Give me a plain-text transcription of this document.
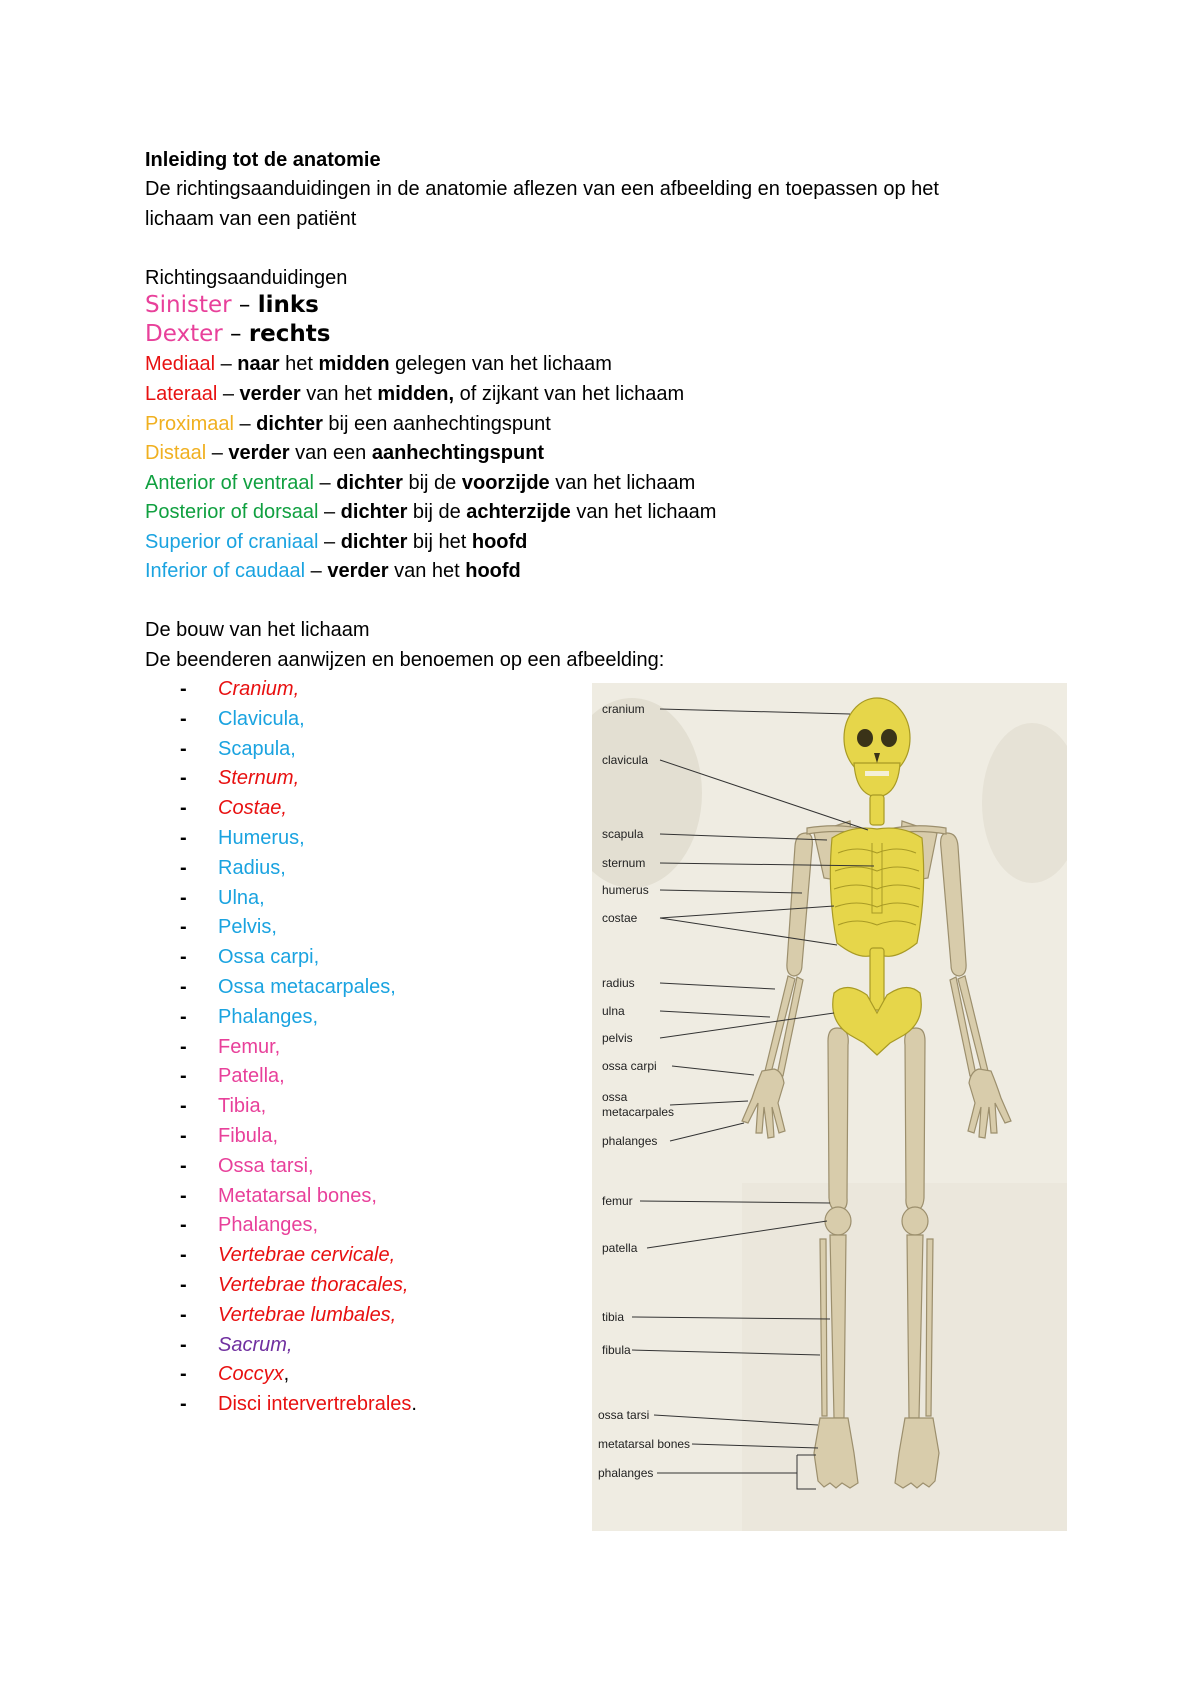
Inleiding tot de anatomie
De richtingsaanduidingen in de anatomie aflezen van een afbeelding en toepassen op het
lichaam van een patiënt
Richtingsaanduidingen
Sinister – links
Dexter – rechts
Mediaal – naar het midden gelegen van het lichaam
Lateraal – verder van het midden, of zijkant van het lichaam
Proximaal – dichter bij een aanhechtingspunt
Distaal – verder van een aanhechtingspunt
Anterior of ventraal – dichter bij de voorzijde van het lichaam
Posterior of dorsaal – dichter bij de achterzijde van het lichaam
Superior of craniaal – dichter bij het hoofd
Inferior of caudaal – verder van het hoofd
De bouw van het lichaam
De beenderen aanwijzen en benoemen op een afbeelding:
- Cranium,
- Clavicula,
- Scapula,
- Sternum,
- Costae,
- Humerus,
- Radius,
- Ulna,
- Pelvis,
- Ossa carpi,
- Ossa metacarpales,
- Phalanges,
- Femur,
- Patella,
- Tibia,
- Fibula,
- Ossa tarsi,
- Metatarsal bones,
- Phalanges,
- Vertebrae cervicale,
- Vertebrae thoracales,
- Vertebrae lumbales,
- Sacrum,
- Coccyx,
- Disci intervertrebrales.
cranium
clavicula
scapula
sternum
humerus
costae
radius
ulna
pelvis
ossa carpi
ossa
metacarpales
phalanges
femur
patella
tibia
fibula
ossa tarsi
metatarsal bones
phalanges
